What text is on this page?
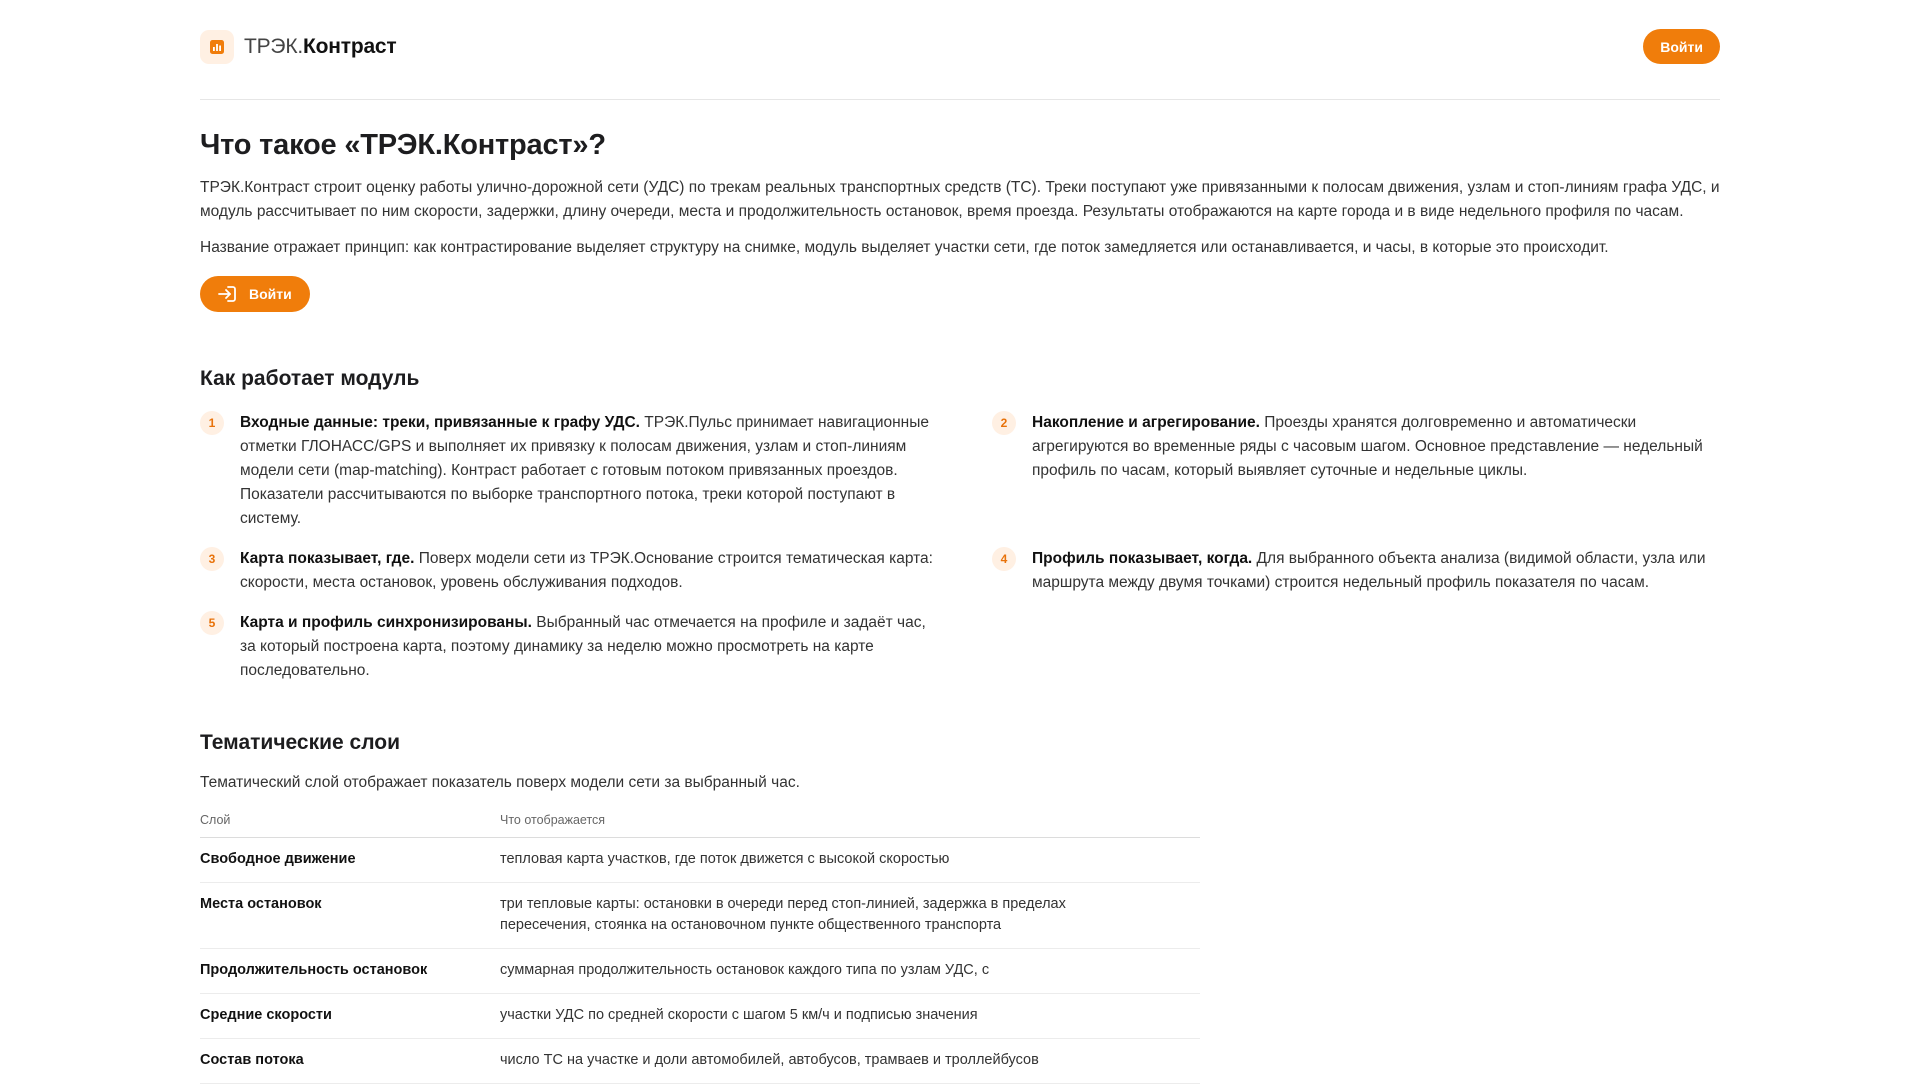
ТРЭК.Контраст	Войти
Что такое «ТРЭК.Контраст»?

ТРЭК.Контраст строит оценку работы улично-дорожной сети (УДС) по трекам реальных транспортных средств (ТС). Треки поступают уже привязанными к полосам движения, узлам и стоп-линиям графа УДС, и модуль рассчитывает по ним скорости, задержки, длину очереди, места и продолжительность остановок, время проезда. Результаты отображаются на карте города и в виде недельного профиля по часам.

Название отражает принцип: как контрастирование выделяет структуру на снимке, модуль выделяет участки сети, где поток замедляется или останавливается, и часы, в которые это происходит.

Войти
Как работает модуль
1	Входные данные: треки, привязанные к графу УДС. ТРЭК.Пульс принимает навигационные отметки ГЛОНАСС/GPS и выполняет их привязку к полосам движения, узлам и стоп-линиям модели сети (map-matching). Контраст работает с готовым потоком привязанных проездов. Показатели рассчитываются по выборке транспортного потока, треки которой поступают в систему.
2	Накопление и агрегирование. Проезды хранятся долговременно и автоматически агрегируются во временные ряды с часовым шагом. Основное представление — недельный профиль по часам, который выявляет суточные и недельные циклы.
3	Карта показывает, где. Поверх модели сети из ТРЭК.Основание строится тематическая карта: скорости, места остановок, уровень обслуживания подходов.
4	Профиль показывает, когда. Для выбранного объекта анализа (видимой области, узла или маршрута между двумя точками) строится недельный профиль показателя по часам.
5	Карта и профиль синхронизированы. Выбранный час отмечается на профиле и задаёт час, за который построена карта, поэтому динамику за неделю можно просмотреть на карте последовательно.
Тематические слои

Тематический слой отображает показатель поверх модели сети за выбранный час.

Слой	Что отображается
Свободное движение	тепловая карта участков, где поток движется с высокой скоростью
Места остановок	три тепловые карты: остановки в очереди перед стоп-линией, задержка в пределах пересечения, стоянка на остановочном пункте общественного транспорта
Продолжительность остановок	суммарная продолжительность остановок каждого типа по узлам УДС, с
Средние скорости	участки УДС по средней скорости с шагом 5 км/ч и подписью значения
Состав потока	число ТС на участке и доли автомобилей, автобусов, трамваев и троллейбусов
